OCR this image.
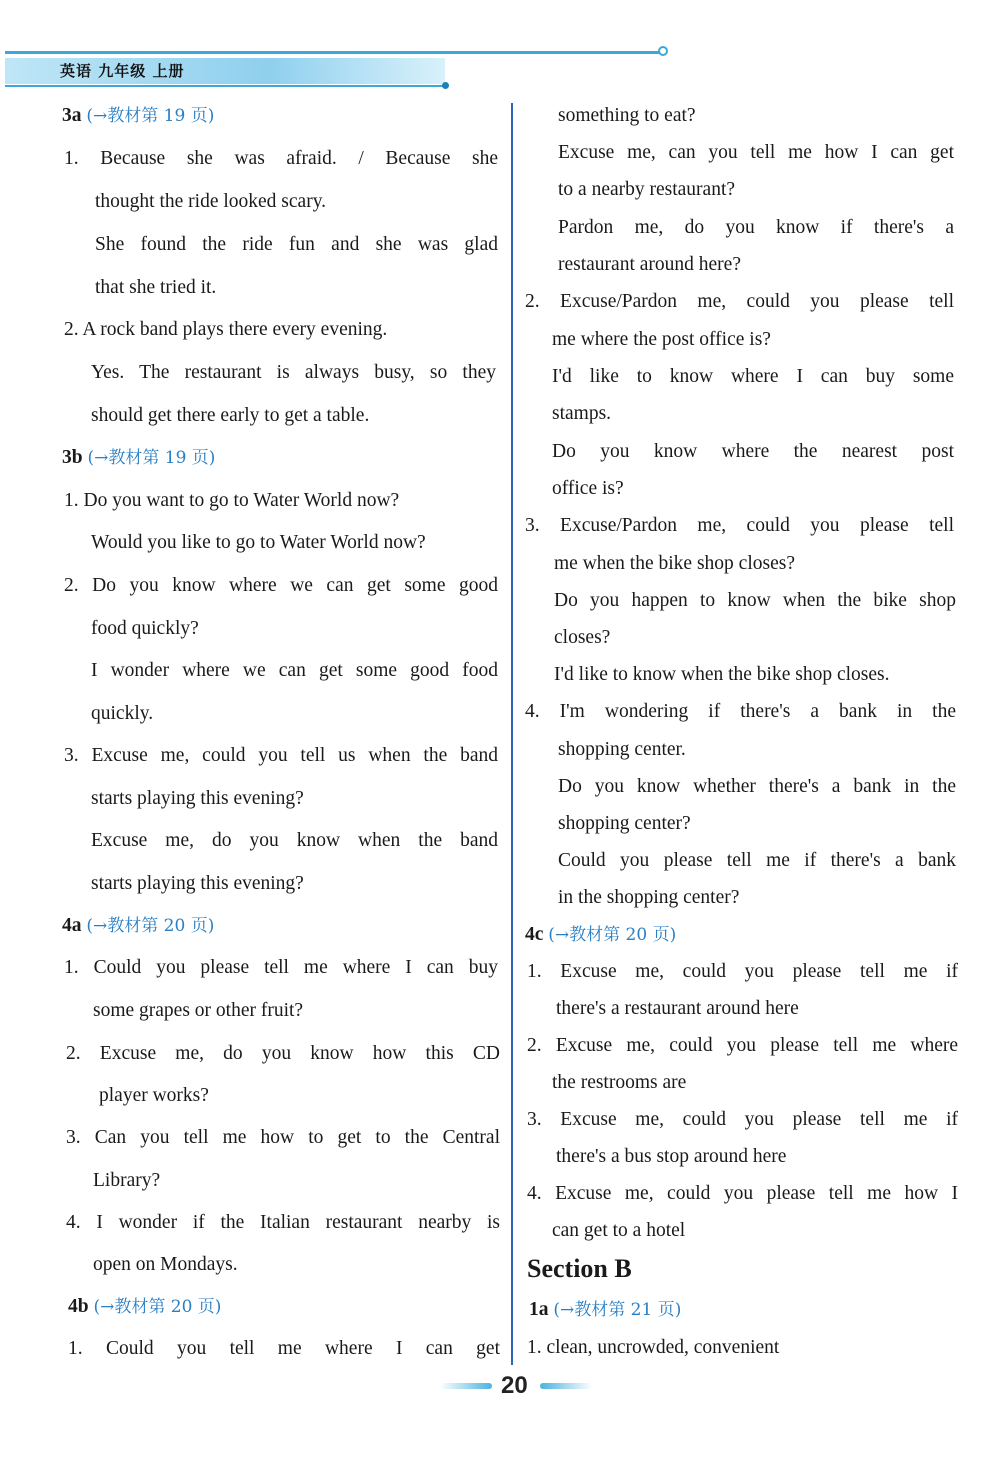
英语 九年级 上册
3a (→教材第 19 页)
1. Because she was afraid. / Because she
thought the ride looked scary.
She found the ride fun and she was glad
that she tried it.
2. A rock band plays there every evening.
Yes. The restaurant is always busy, so they
should get there early to get a table.
3b (→教材第 19 页)
1. Do you want to go to Water World now?
Would you like to go to Water World now?
2. Do you know where we can get some good
food quickly?
I wonder where we can get some good food
quickly.
3. Excuse me, could you tell us when the band
starts playing this evening?
Excuse me, do you know when the band
starts playing this evening?
4a (→教材第 20 页)
1. Could you please tell me where I can buy
some grapes or other fruit?
2. Excuse me, do you know how this CD
player works?
3. Can you tell me how to get to the Central
Library?
4. I wonder if the Italian restaurant nearby is
open on Mondays.
4b (→教材第 20 页)
1. Could you tell me where I can get
something to eat?
Excuse me, can you tell me how I can get
to a nearby restaurant?
Pardon me, do you know if there's a
restaurant around here?
2. Excuse/Pardon me, could you please tell
me where the post office is?
I'd like to know where I can buy some
stamps.
Do you know where the nearest post
office is?
3. Excuse/Pardon me, could you please tell
me when the bike shop closes?
Do you happen to know when the bike shop
closes?
I'd like to know when the bike shop closes.
4. I'm wondering if there's a bank in the
shopping center.
Do you know whether there's a bank in the
shopping center?
Could you please tell me if there's a bank
in the shopping center?
4c (→教材第 20 页)
1. Excuse me, could you please tell me if
there's a restaurant around here
2. Excuse me, could you please tell me where
the restrooms are
3. Excuse me, could you please tell me if
there's a bus stop around here
4. Excuse me, could you please tell me how I
can get to a hotel
Section B
1a (→教材第 21 页)
1. clean, uncrowded, convenient
20
